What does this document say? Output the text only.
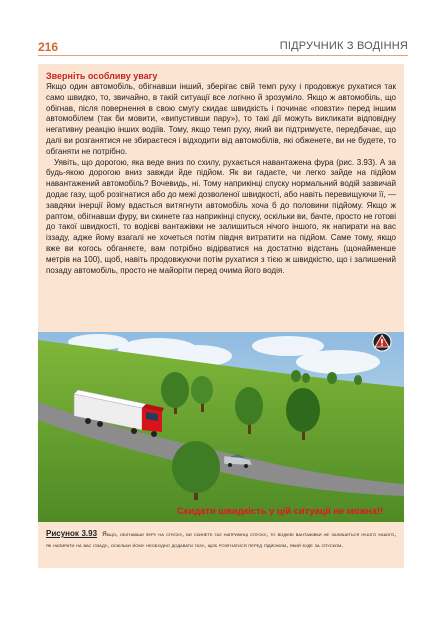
216	ПІДРУЧНИК З ВОДІННЯ
Зверніть особливу увагу

Якщо один автомобіль, обігнавши інший, зберігає свій темп руху і продовжує рухатися так само швидко, то, звичайно, в такій ситуації все логічно й зрозуміло. Якщо ж автомобіль, що обігнав, після повернення в свою смугу скидає швидкість і починає «повзти» перед іншим автомобілем (так би мовити, «випустивши пару»), то такі дії можуть викликати відповідну негативну реакцію інших водіїв. Тому, якщо темп руху, який ви підтримуєте, передбачає, що далі ви розганятися не збираєтеся і відходити від автомобілів, які обженете, ви не будете, то обганяти не потрібно.

Уявіть, що дорогою, яка веде вниз по схилу, рухається навантажена фура (рис. 3.93). А за будь-якою дорогою вниз завжди йде підйом. Як ви гадаєте, чи легко зайде на підйом навантажений автомобіль? Вочевидь, ні. Тому наприкінці спуску нормальний водій зазвичай додає газу, щоб розігнатися або до межі дозволеної швидкості, або навіть перевищуючи її, — завдяки інерції йому вдасться витягнути автомобіль хоча б до половини підйому. Якщо ж раптом, обігнавши фуру, ви скинете газ наприкінці спуску, оскільки ви, бачте, просто не готові до такої швидкості, то водієві вантажівки не залишиться нічого іншого, як напирати на вас іззаду, адже йому взагалі не хочеться потім півдня витратити на підйом. Саме тому, якщо вже ви когось обганяєте, вам потрібно відірватися на достатню відстань (щонайменше метрів на 100), щоб, навіть продовжуючи потім рухатися з тією ж швидкістю, що і залишений позаду автомобіль, просто не майоріти перед очима його водія.

Скидати швидкість у цій ситуації не можна!!
Рисунок 3.93 Якщо, обігнавши фуру на спуску, ви скинете газ наприкінці спуску, то водієві вантажівки не залишиться нічого іншого, як напирати на вас іззаду, оскільки йому необхідно додавати газу, щоб розігнатися перед підйомом, який буде за спуском.
